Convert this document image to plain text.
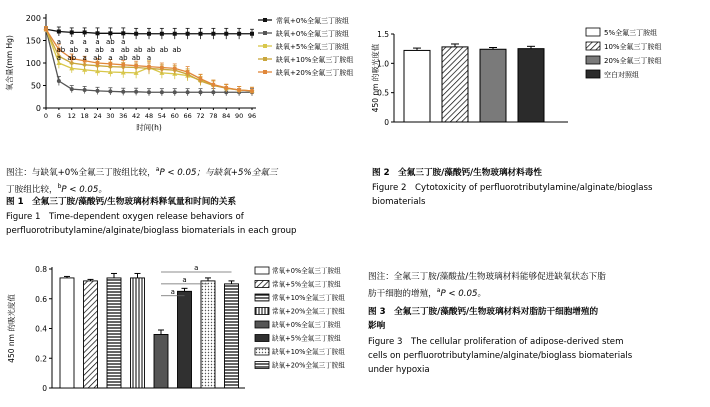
0
50
100
150
200
0 6 12 18 24 30 36 42 48 54 60 66 72 78 84 90 96
氧含量(mm Hg)
时间(h)
a a a a ab a
ab ab a ab a ab ab ab ab ab
a ab a ab a ab ab a
常氧+0%全氟三丁胺组
缺氧+0%全氟三丁胺组
缺氧+5%全氟三丁胺组
缺氧+10%全氟三丁胺组
缺氧+20%全氟三丁胺组
图注：与缺氧+0%全氟三丁胺组比较，$^a$P < 0.05；与缺氧+5%全氟三
丁胺组比较，$^b$P < 0.05。
图 1　全氟三丁胺/藻酸钙/生物玻璃材料释氧量和时间的关系
Figure 1　Time-dependent oxygen release behaviors of
perfluorotributylamine/alginate/bioglass biomaterials in each group
0
0.5
1.0
1.5
450 nm 的吸光度值
5%全氟三丁胺组
10%全氟三丁胺组
20%全氟三丁胺组
空白对照组
图 2　全氟三丁胺/藻酸钙/生物玻璃材料毒性
Figure 2　Cytotoxicity of perfluorotributylamine/alginate/bioglass
biomaterials
0
0.2
0.4
0.6
0.8
450 nm 的吸光度值
a
a
a	常氧+0%全氟三丁胺组
常氧+5%全氟三丁胺组
常氧+10%全氟三丁胺组
常氧+20%全氟三丁胺组
缺氧+0%全氟三丁胺组
缺氧+5%全氟三丁胺组
缺氧+10%全氟三丁胺组
缺氧+20%全氟三丁胺组
图注：全氟三丁胺/藻酸盐/生物玻璃材料能够促进缺氧状态下脂
肪干细胞的增殖，$^a$P < 0.05。
图 3　全氟三丁胺/藻酸钙/生物玻璃材料对脂肪干细胞增殖的
影响
Figure 3　The cellular proliferation of adipose-derived stem
cells on perfluorotributylamine/alginate/bioglass biomaterials
under hypoxia
